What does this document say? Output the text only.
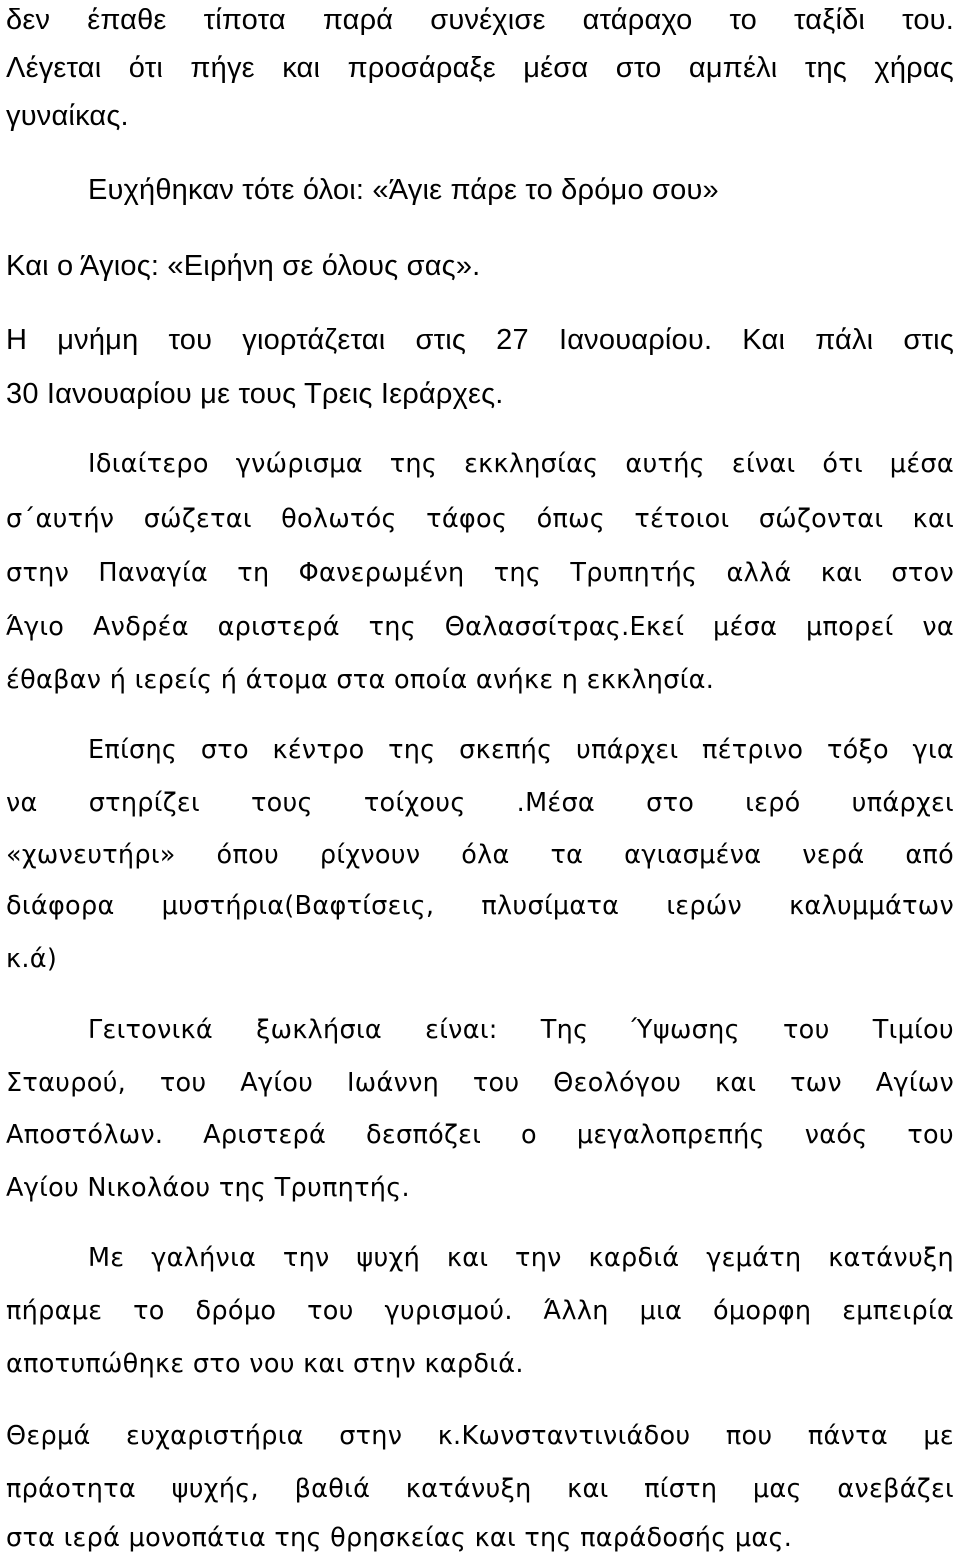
δεν έπαθε τίποτα παρά συνέχισε ατάραχο το ταξίδι του.
Λέγεται ότι πήγε και προσάραξε μέσα στο αμπέλι της χήρας
γυναίκας.
Ευχήθηκαν τότε όλοι: «Άγιε πάρε το δρόμο σου»
Και ο Άγιος: «Ειρήνη σε όλους σας».
Η μνήμη του γιορτάζεται στις 27 Ιανουαρίου. Και πάλι στις
30 Ιανουαρίου με τους Τρεις Ιεράρχες.
Ιδιαίτερο γνώρισμα της εκκλησίας αυτής είναι ότι μέσα
σ΄αυτήν σώζεται θολωτός τάφος όπως τέτοιοι σώζονται και
στην Παναγία τη Φανερωμένη της Τρυπητής αλλά και στον
Άγιο Ανδρέα αριστερά της Θαλασσίτρας.Εκεί μέσα μπορεί να
έθαβαν ή ιερείς ή άτομα στα οποία ανήκε η εκκλησία.
Επίσης στο κέντρο της σκεπής υπάρχει πέτρινο τόξο για
να στηρίζει τους τοίχους .Μέσα στο ιερό υπάρχει
«χωνευτήρι» όπου ρίχνουν όλα τα αγιασμένα νερά από
διάφορα μυστήρια(Βαφτίσεις, πλυσίματα ιερών καλυμμάτων
κ.ά)
Γειτονικά ξωκλήσια είναι: Της Ύψωσης του Τιμίου
Σταυρού, του Αγίου Ιωάννη του Θεολόγου και των Αγίων
Αποστόλων. Αριστερά δεσπόζει ο μεγαλοπρεπής ναός του
Αγίου Νικολάου της Τρυπητής.
Με γαλήνια την ψυχή και την καρδιά γεμάτη κατάνυξη
πήραμε το δρόμο του γυρισμού. Άλλη μια όμορφη εμπειρία
αποτυπώθηκε στο νου και στην καρδιά.
Θερμά ευχαριστήρια στην κ.Κωνσταντινιάδου που πάντα με
πράοτητα ψυχής, βαθιά κατάνυξη και πίστη μας ανεβάζει
στα ιερά μονοπάτια της θρησκείας και της παράδοσής μας.
